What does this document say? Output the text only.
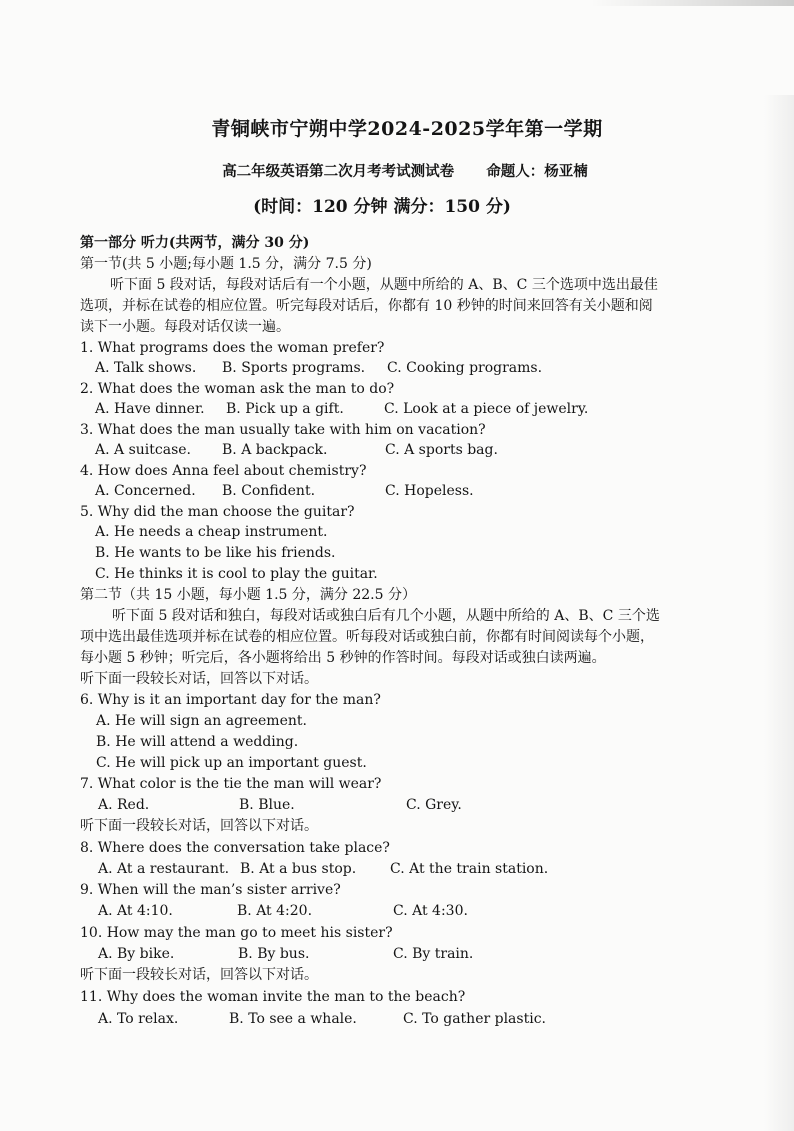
青铜峡市宁朔中学2024-2025学年第一学期
高二年级英语第二次月考考试测试卷 命题人：杨亚楠
(时间：120 分钟 满分：150 分)
第一部分 听力(共两节，满分 30 分)
第一节(共 5 小题;每小题 1.5 分，满分 7.5 分)
听下面 5 段对话，每段对话后有一个小题，从题中所给的 A、B、C 三个选项中选出最佳
选项，并标在试卷的相应位置。听完每段对话后，你都有 10 秒钟的时间来回答有关小题和阅
读下一小题。每段对话仅读一遍。
1. What programs does the woman prefer?
A. Talk shows. B. Sports programs. C. Cooking programs.
2. What does the woman ask the man to do?
A. Have dinner. B. Pick up a gift.	C. Look at a piece of jewelry.
3. What does the man usually take with him on vacation?
A. A suitcase. B. A backpack.	C. A sports bag.
4. How does Anna feel about chemistry?
A. Concerned. B. Confident.	C. Hopeless.
5. Why did the man choose the guitar?
A. He needs a cheap instrument.
B. He wants to be like his friends.
C. He thinks it is cool to play the guitar.
第二节（共 15 小题，每小题 1.5 分，满分 22.5 分）
听下面 5 段对话和独白，每段对话或独白后有几个小题，从题中所给的 A、B、C 三个选
项中选出最佳选项并标在试卷的相应位置。听每段对话或独白前，你都有时间阅读每个小题，
每小题 5 秒钟；听完后，各小题将给出 5 秒钟的作答时间。每段对话或独白读两遍。
听下面一段较长对话，回答以下对话。
6. Why is it an important day for the man?
A. He will sign an agreement.
B. He will attend a wedding.
C. He will pick up an important guest.
7. What color is the tie the man will wear?
A. Red.	B. Blue.	C. Grey.
听下面一段较长对话，回答以下对话。
8. Where does the conversation take place?
A. At a restaurant. B. At a bus stop. C. At the train station.
9. When will the man’s sister arrive?
A. At 4:10.	B. At 4:20.	C. At 4:30.
10. How may the man go to meet his sister?
A. By bike.	B. By bus.	C. By train.
听下面一段较长对话，回答以下对话。
11. Why does the woman invite the man to the beach?
A. To relax.	B. To see a whale.	C. To gather plastic.
